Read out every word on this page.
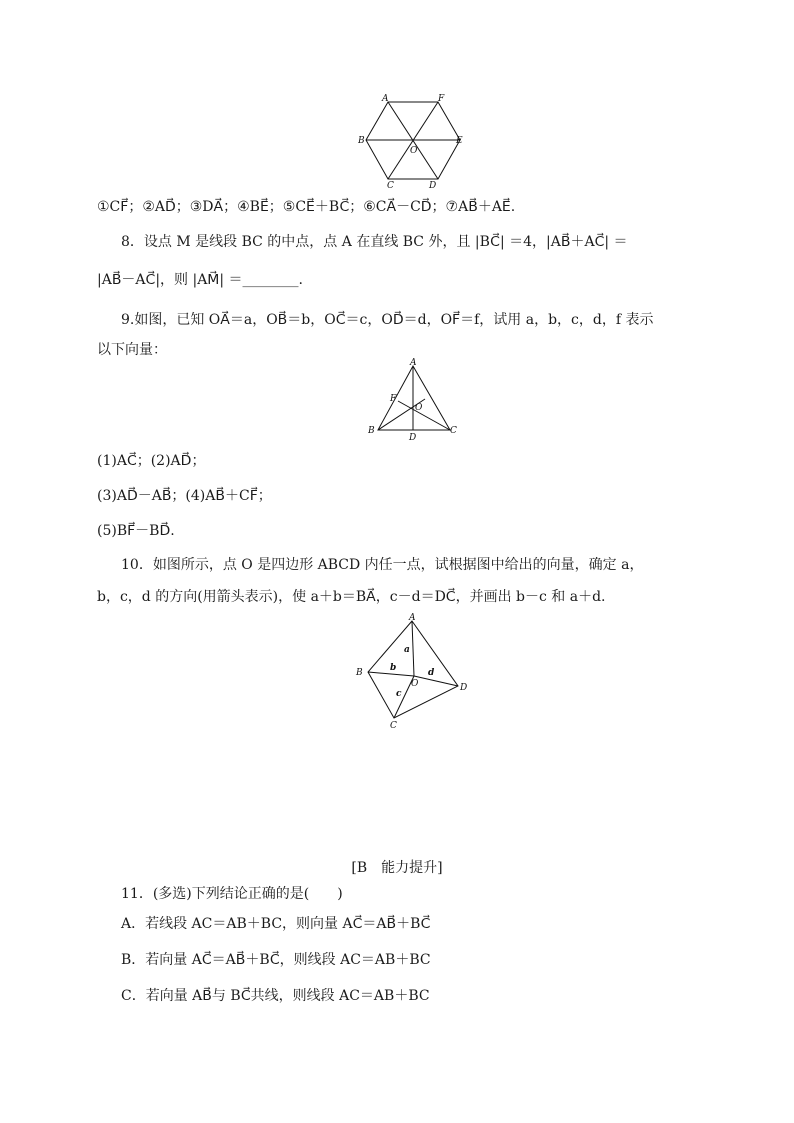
A	F
B	E
O
C	D
①CF⃗；②AD⃗；③DA⃗；④BE⃗；⑤CE⃗＋BC⃗；⑥CA⃗－CD⃗；⑦AB⃗＋AE⃗.
8．设点 M 是线段 BC 的中点，点 A 在直线 BC 外，且 |BC⃗| ＝4，|AB⃗＋AC⃗| ＝
|AB⃗－AC⃗|，则 |AM⃗| ＝________.
9.如图，已知 OA⃗＝a，OB⃗＝b，OC⃗＝c，OD⃗＝d，OF⃗＝f，试用 a，b，c，d，f 表示
以下向量：
A
F
O
B
D
C
(1)AC⃗；(2)AD⃗；
(3)AD⃗－AB⃗；(4)AB⃗＋CF⃗；
(5)BF⃗－BD⃗.
10．如图所示，点 O 是四边形 ABCD 内任一点，试根据图中给出的向量，确定 a，
b，c，d 的方向(用箭头表示)，使 a＋b＝BA⃗，c－d＝DC⃗，并画出 b－c 和 a＋d.
A
B
C
D
O
a
b
c
d
[B　能力提升]
11．(多选)下列结论正确的是(　　)
A．若线段 AC＝AB＋BC，则向量 AC⃗＝AB⃗＋BC⃗
B．若向量 AC⃗＝AB⃗＋BC⃗，则线段 AC＝AB＋BC
C．若向量 AB⃗与 BC⃗共线，则线段 AC＝AB＋BC
